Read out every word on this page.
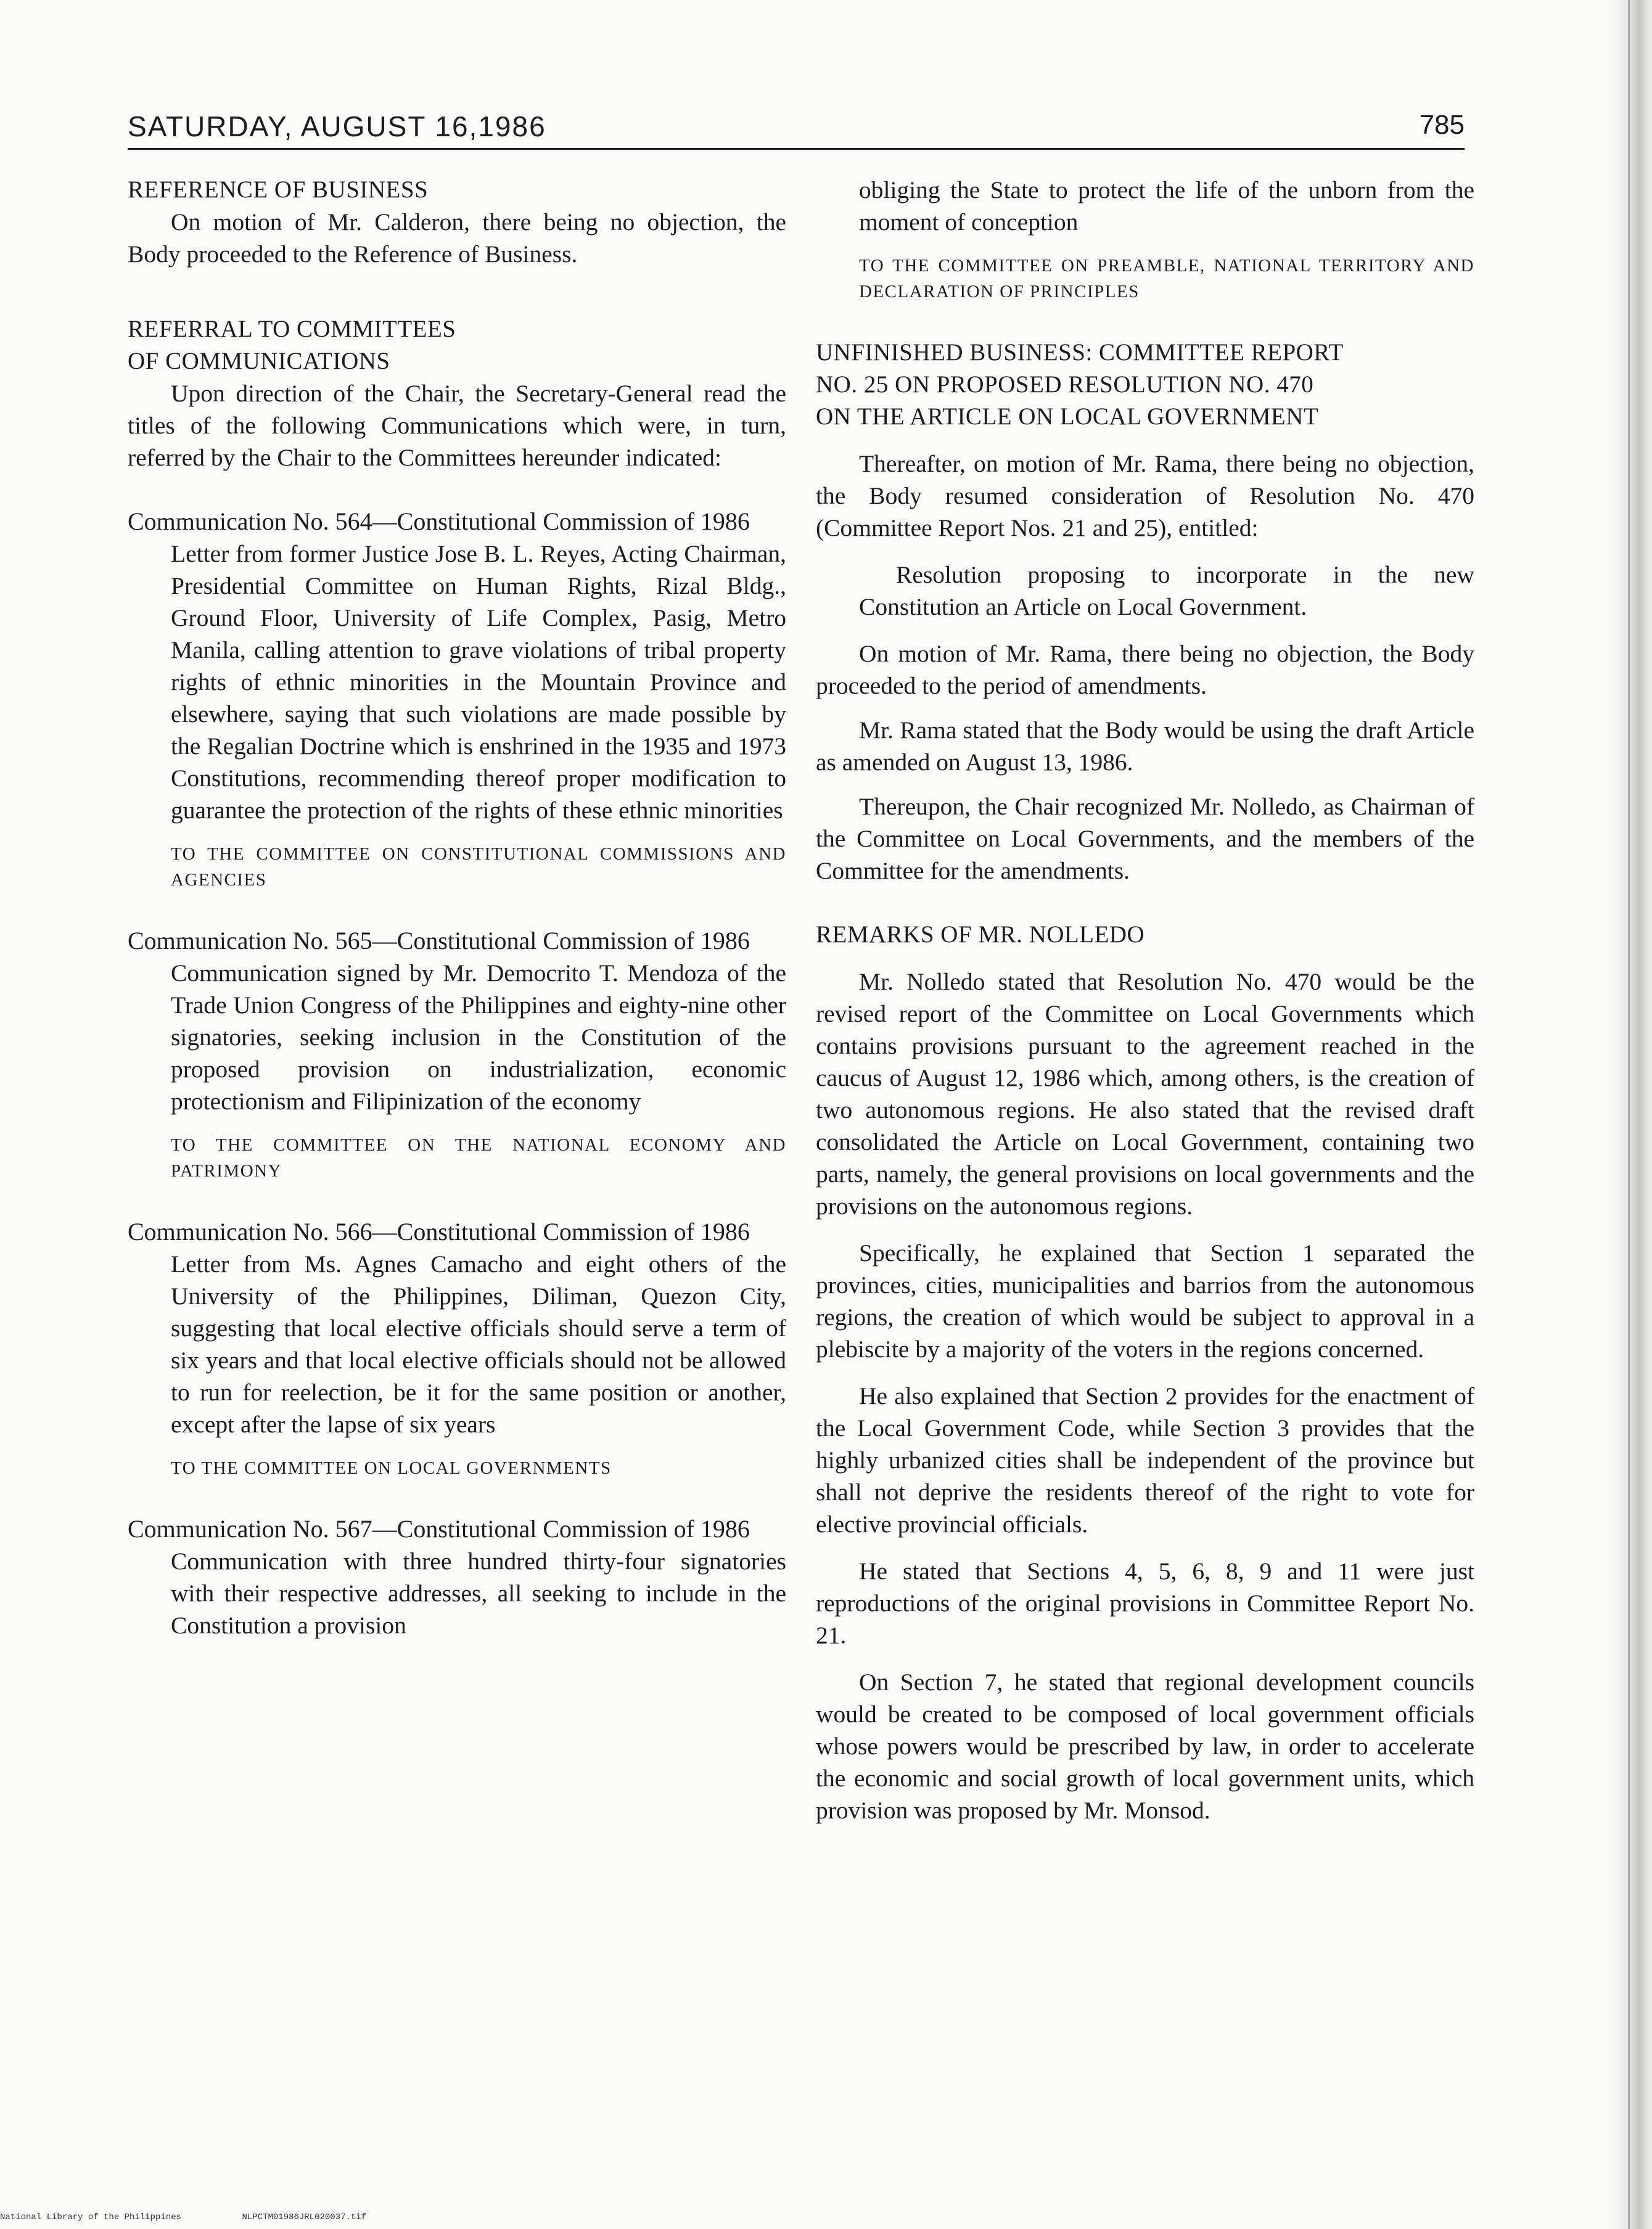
SATURDAY, AUGUST 16,1986	785

REFERENCE OF BUSINESS

On motion of Mr. Calderon, there being no objection, the Body proceeded to the Reference of Business.

REFERRAL TO COMMITTEES

OF COMMUNICATIONS

Upon direction of the Chair, the Secretary-General read the titles of the following Communications which were, in turn, referred by the Chair to the Committees hereunder indicated:

Communication No. 564—Constitutional Commission of 1986

Letter from former Justice Jose B. L. Reyes, Acting Chairman, Presidential Committee on Human Rights, Rizal Bldg., Ground Floor, University of Life Complex, Pasig, Metro Manila, calling attention to grave violations of tribal property rights of ethnic minorities in the Mountain Province and elsewhere, saying that such violations are made possible by the Regalian Doctrine which is enshrined in the 1935 and 1973 Constitutions, recommending thereof proper modification to guarantee the protection of the rights of these ethnic minorities

TO THE COMMITTEE ON CONSTITUTIONAL COMMISSIONS AND AGENCIES

Communication No. 565—Constitutional Commission of 1986

Communication signed by Mr. Democrito T. Mendoza of the Trade Union Congress of the Philippines and eighty-nine other signatories, seeking inclusion in the Constitution of the proposed provision on industrialization, economic protectionism and Filipinization of the economy

TO THE COMMITTEE ON THE NATIONAL ECONOMY AND PATRIMONY

Communication No. 566—Constitutional Commission of 1986

Letter from Ms. Agnes Camacho and eight others of the University of the Philippines, Diliman, Quezon City, suggesting that local elective officials should serve a term of six years and that local elective officials should not be allowed to run for reelection, be it for the same position or another, except after the lapse of six years

TO THE COMMITTEE ON LOCAL GOVERNMENTS

Communication No. 567—Constitutional Commission of 1986

Communication with three hundred thirty-four signatories with their respective addresses, all seeking to include in the Constitution a provision

obliging the State to protect the life of the unborn from the moment of conception

TO THE COMMITTEE ON PREAMBLE, NATIONAL TERRITORY AND DECLARATION OF PRINCIPLES

UNFINISHED BUSINESS: COMMITTEE REPORT

NO. 25 ON PROPOSED RESOLUTION NO. 470

ON THE ARTICLE ON LOCAL GOVERNMENT

Thereafter, on motion of Mr. Rama, there being no objection, the Body resumed consideration of Resolution No. 470 (Committee Report Nos. 21 and 25), entitled:

Resolution proposing to incorporate in the new Constitution an Article on Local Government.

On motion of Mr. Rama, there being no objection, the Body proceeded to the period of amendments.

Mr. Rama stated that the Body would be using the draft Article as amended on August 13, 1986.

Thereupon, the Chair recognized Mr. Nolledo, as Chairman of the Committee on Local Governments, and the members of the Committee for the amendments.

REMARKS OF MR. NOLLEDO

Mr. Nolledo stated that Resolution No. 470 would be the revised report of the Committee on Local Governments which contains provisions pursuant to the agreement reached in the caucus of August 12, 1986 which, among others, is the creation of two autonomous regions. He also stated that the revised draft consolidated the Article on Local Government, containing two parts, namely, the general provisions on local governments and the provisions on the autonomous regions.

Specifically, he explained that Section 1 separated the provinces, cities, municipalities and barrios from the autonomous regions, the creation of which would be subject to approval in a plebiscite by a majority of the voters in the regions concerned.

He also explained that Section 2 provides for the enactment of the Local Government Code, while Section 3 provides that the highly urbanized cities shall be independent of the province but shall not deprive the residents thereof of the right to vote for elective provincial officials.

He stated that Sections 4, 5, 6, 8, 9 and 11 were just reproductions of the original provisions in Committee Report No. 21.

On Section 7, he stated that regional development councils would be created to be composed of local government officials whose powers would be prescribed by law, in order to accelerate the economic and social growth of local government units, which provision was proposed by Mr. Monsod.

National Library of the Philippines	NLPCTM01986JRL020037.tif
